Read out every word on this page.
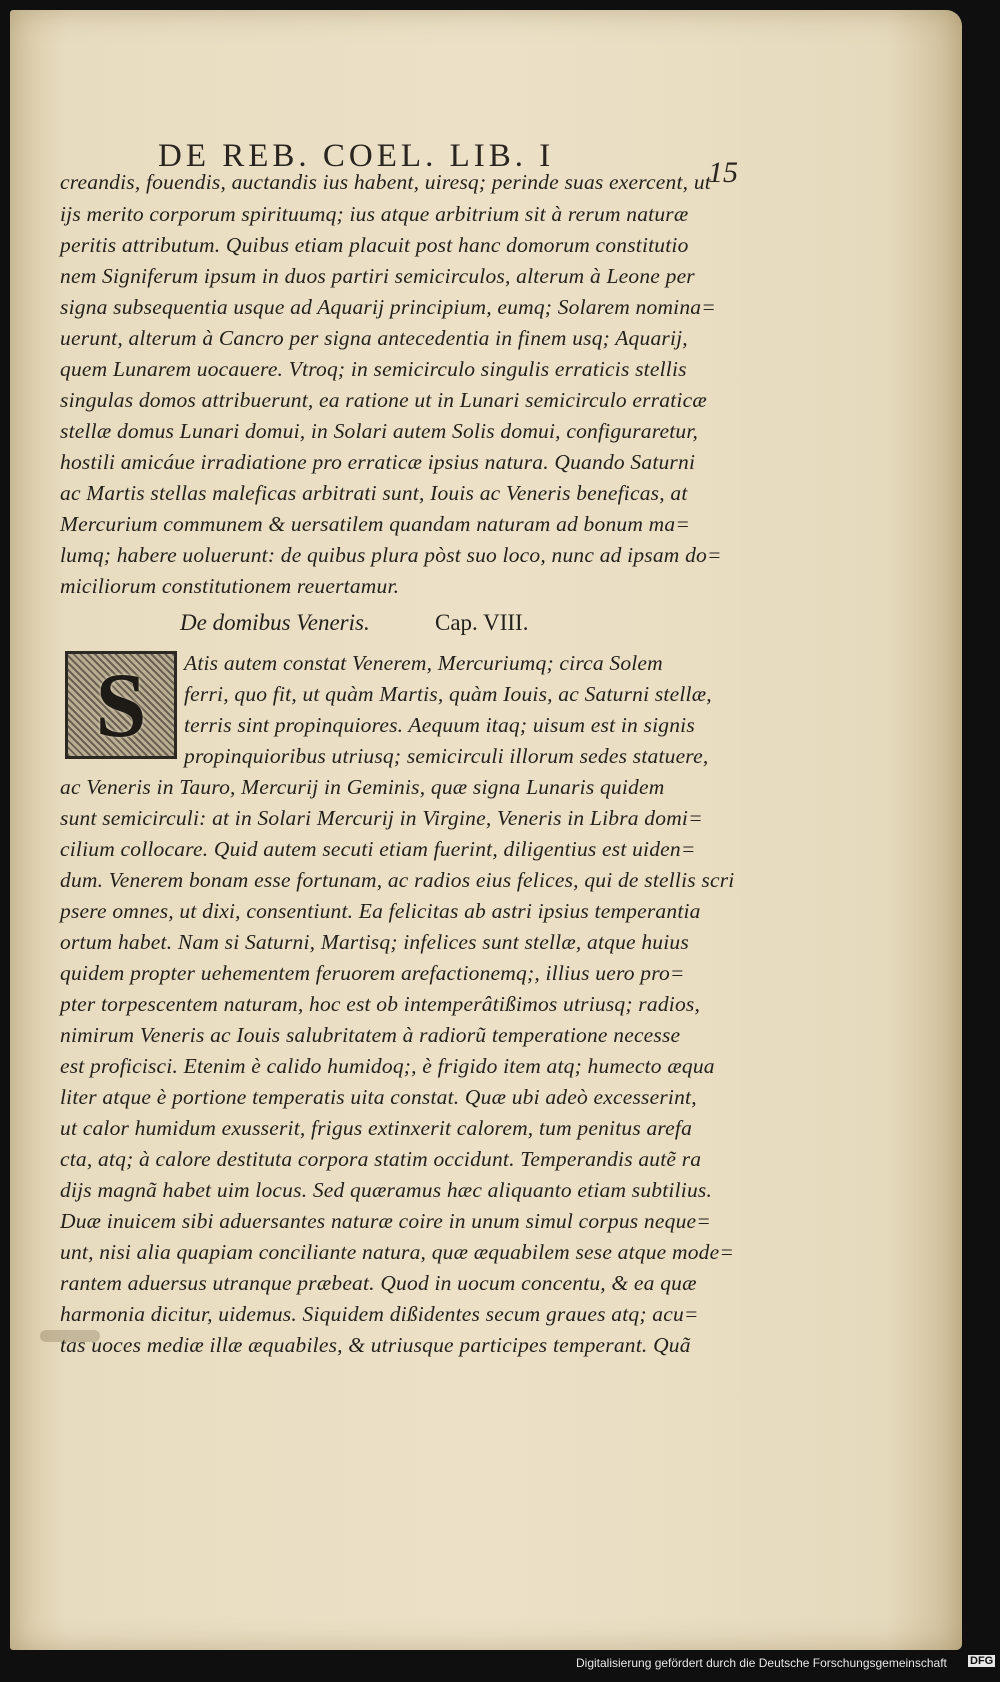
DE REB. COEL. LIB. I	15
creandis, fouendis, auctandis ius habent, uiresq; perinde suas exercent, ut
ijs merito corporum spirituumq; ius atque arbitrium sit à rerum naturæ
peritis attributum. Quibus etiam placuit post hanc domorum constitutio
nem Signiferum ipsum in duos partiri semicirculos, alterum à Leone per
signa subsequentia usque ad Aquarij principium, eumq; Solarem nomina=
uerunt, alterum à Cancro per signa antecedentia in finem usq; Aquarij,
quem Lunarem uocauere. Vtroq; in semicirculo singulis erraticis stellis
singulas domos attribuerunt, ea ratione ut in Lunari semicirculo erraticæ
stellæ domus Lunari domui, in Solari autem Solis domui, configuraretur,
hostili amicáue irradiatione pro erraticæ ipsius natura. Quando Saturni
ac Martis stellas maleficas arbitrati sunt, Iouis ac Veneris beneficas, at
Mercurium communem & uersatilem quandam naturam ad bonum ma=
lumq; habere uoluerunt: de quibus plura pòst suo loco, nunc ad ipsam do=
miciliorum constitutionem reuertamur.
De domibus Veneris.	Cap. VIII.
S Atis autem constat Venerem, Mercuriumq; circa Solem
ferri, quo fit, ut quàm Martis, quàm Iouis, ac Saturni stellæ,
terris sint propinquiores. Aequum itaq; uisum est in signis
propinquioribus utriusq; semicirculi illorum sedes statuere,
ac Veneris in Tauro, Mercurij in Geminis, quæ signa Lunaris quidem
sunt semicirculi: at in Solari Mercurij in Virgine, Veneris in Libra domi=
cilium collocare. Quid autem secuti etiam fuerint, diligentius est uiden=
dum. Venerem bonam esse fortunam, ac radios eius felices, qui de stellis scri
psere omnes, ut dixi, consentiunt. Ea felicitas ab astri ipsius temperantia
ortum habet. Nam si Saturni, Martisq; infelices sunt stellæ, atque huius
quidem propter uehementem feruorem arefactionemq;, illius uero pro=
pter torpescentem naturam, hoc est ob intemperâtißimos utriusq; radios,
nimirum Veneris ac Iouis salubritatem à radiorũ temperatione necesse
est proficisci. Etenim è calido humidoq;, è frigido item atq; humecto æqua
liter atque è portione temperatis uita constat. Quæ ubi adeò excesserint,
ut calor humidum exusserit, frigus extinxerit calorem, tum penitus arefa
cta, atq; à calore destituta corpora statim occidunt. Temperandis autẽ ra
dijs magnã habet uim locus. Sed quæramus hæc aliquanto etiam subtilius.
Duæ inuicem sibi aduersantes naturæ coire in unum simul corpus neque=
unt, nisi alia quapiam conciliante natura, quæ æquabilem sese atque mode=
rantem aduersus utranque præbeat. Quod in uocum concentu, & ea quæ
harmonia dicitur, uidemus. Siquidem dißidentes secum graues atq; acu=
tas uoces mediæ illæ æquabiles, & utriusque participes temperant. Quã
Digitalisierung gefördert durch die Deutsche Forschungsgemeinschaft DFG
